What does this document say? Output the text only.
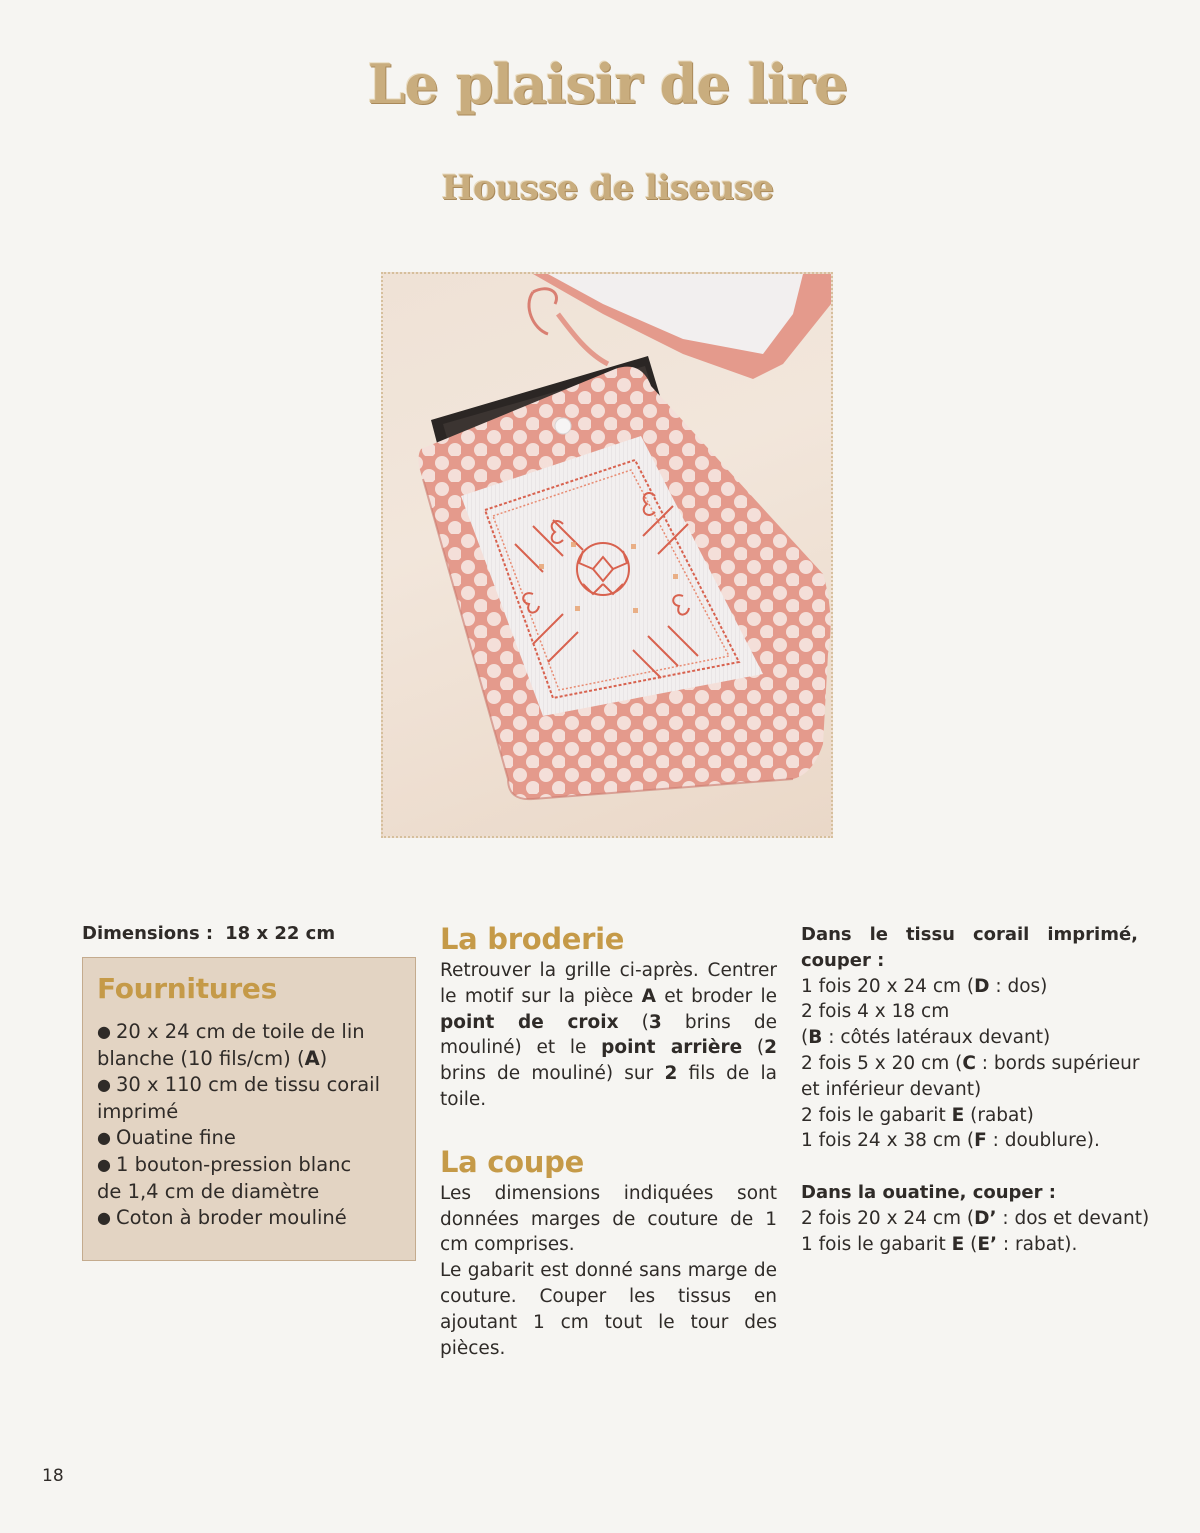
Le plaisir de lire
Housse de liseuse
Dimensions : 18 x 22 cm
Fournitures
● 20 x 24 cm de toile de lin
blanche (10 fils/cm) (A)
● 30 x 110 cm de tissu corail
imprimé
● Ouatine fine
● 1 bouton-pression blanc
de 1,4 cm de diamètre
● Coton à broder mouliné
La broderie

Retrouver la grille ci-après. Centrer le motif sur la pièce A et broder le point de croix (3 brins de mouliné) et le point arrière (2 brins de mouliné) sur 2 fils de la toile.

La coupe

Les dimensions indiquées sont données marges de couture de 1 cm comprises.

Le gabarit est donné sans marge de couture. Couper les tissus en ajoutant 1 cm tout le tour des pièces.

Dans le tissu corail imprimé, couper :
1 fois 20 x 24 cm (D : dos)
2 fois 4 x 18 cm
(B : côtés latéraux devant)
2 fois 5 x 20 cm (C : bords supérieur
et inférieur devant)
2 fois le gabarit E (rabat)
1 fois 24 x 38 cm (F : doublure).
Dans la ouatine, couper :
2 fois 20 x 24 cm (D’ : dos et devant)
1 fois le gabarit E (E’ : rabat).
18
